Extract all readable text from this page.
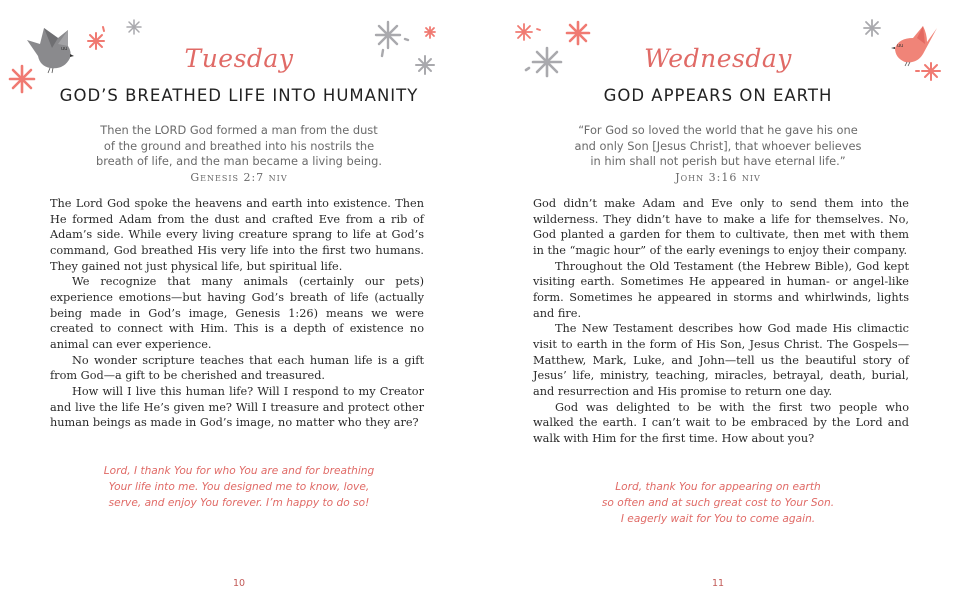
uu	Tuesday
GOD’S BREATHED LIFE INTO HUMANITY
Then the LORD God formed a man from the dust
of the ground and breathed into his nostrils the
breath of life, and the man became a living being.
Genesis 2:7 niv

The Lord God spoke the heavens and earth into existence. Then He formed Adam from the dust and crafted Eve from a rib of Adam’s side. While every living creature sprang to life at God’s command, God breathed His very life into the first two humans. They gained not just physical life, but spiritual life.

We recognize that many animals (certainly our pets) experience emotions—but having God’s breath of life (actually being made in God’s image, Genesis 1:26) means we were created to connect with Him. This is a depth of existence no animal can ever experience.

No wonder scripture teaches that each human life is a gift from God—a gift to be cherished and treasured.

How will I live this human life? Will I respond to my Creator and live the life He’s given me? Will I treasure and protect other human beings as made in God’s image, no matter who they are?

Lord, I thank You for who You are and for breathing
Your life into me. You designed me to know, love,
serve, and enjoy You forever. I’m happy to do so!
10
uu
Wednesday
GOD APPEARS ON EARTH
“For God so loved the world that he gave his one
and only Son [Jesus Christ], that whoever believes
in him shall not perish but have eternal life.”
John 3:16 niv

God didn’t make Adam and Eve only to send them into the wilderness. They didn’t have to make a life for themselves. No, God planted a garden for them to cultivate, then met with them in the “magic hour” of the early evenings to enjoy their company.

Throughout the Old Testament (the Hebrew Bible), God kept visiting earth. Sometimes He appeared in human- or angel-like form. Sometimes he appeared in storms and whirlwinds, lights and fire.

The New Testament describes how God made His climactic visit to earth in the form of His Son, Jesus Christ. The Gospels—Matthew, Mark, Luke, and John—tell us the beautiful story of Jesus’ life, ministry, teaching, miracles, betrayal, death, burial, and resurrection and His promise to return one day.

God was delighted to be with the first two people who walked the earth. I can’t wait to be embraced by the Lord and walk with Him for the first time. How about you?

Lord, thank You for appearing on earth
so often and at such great cost to Your Son.
I eagerly wait for You to come again.
11
